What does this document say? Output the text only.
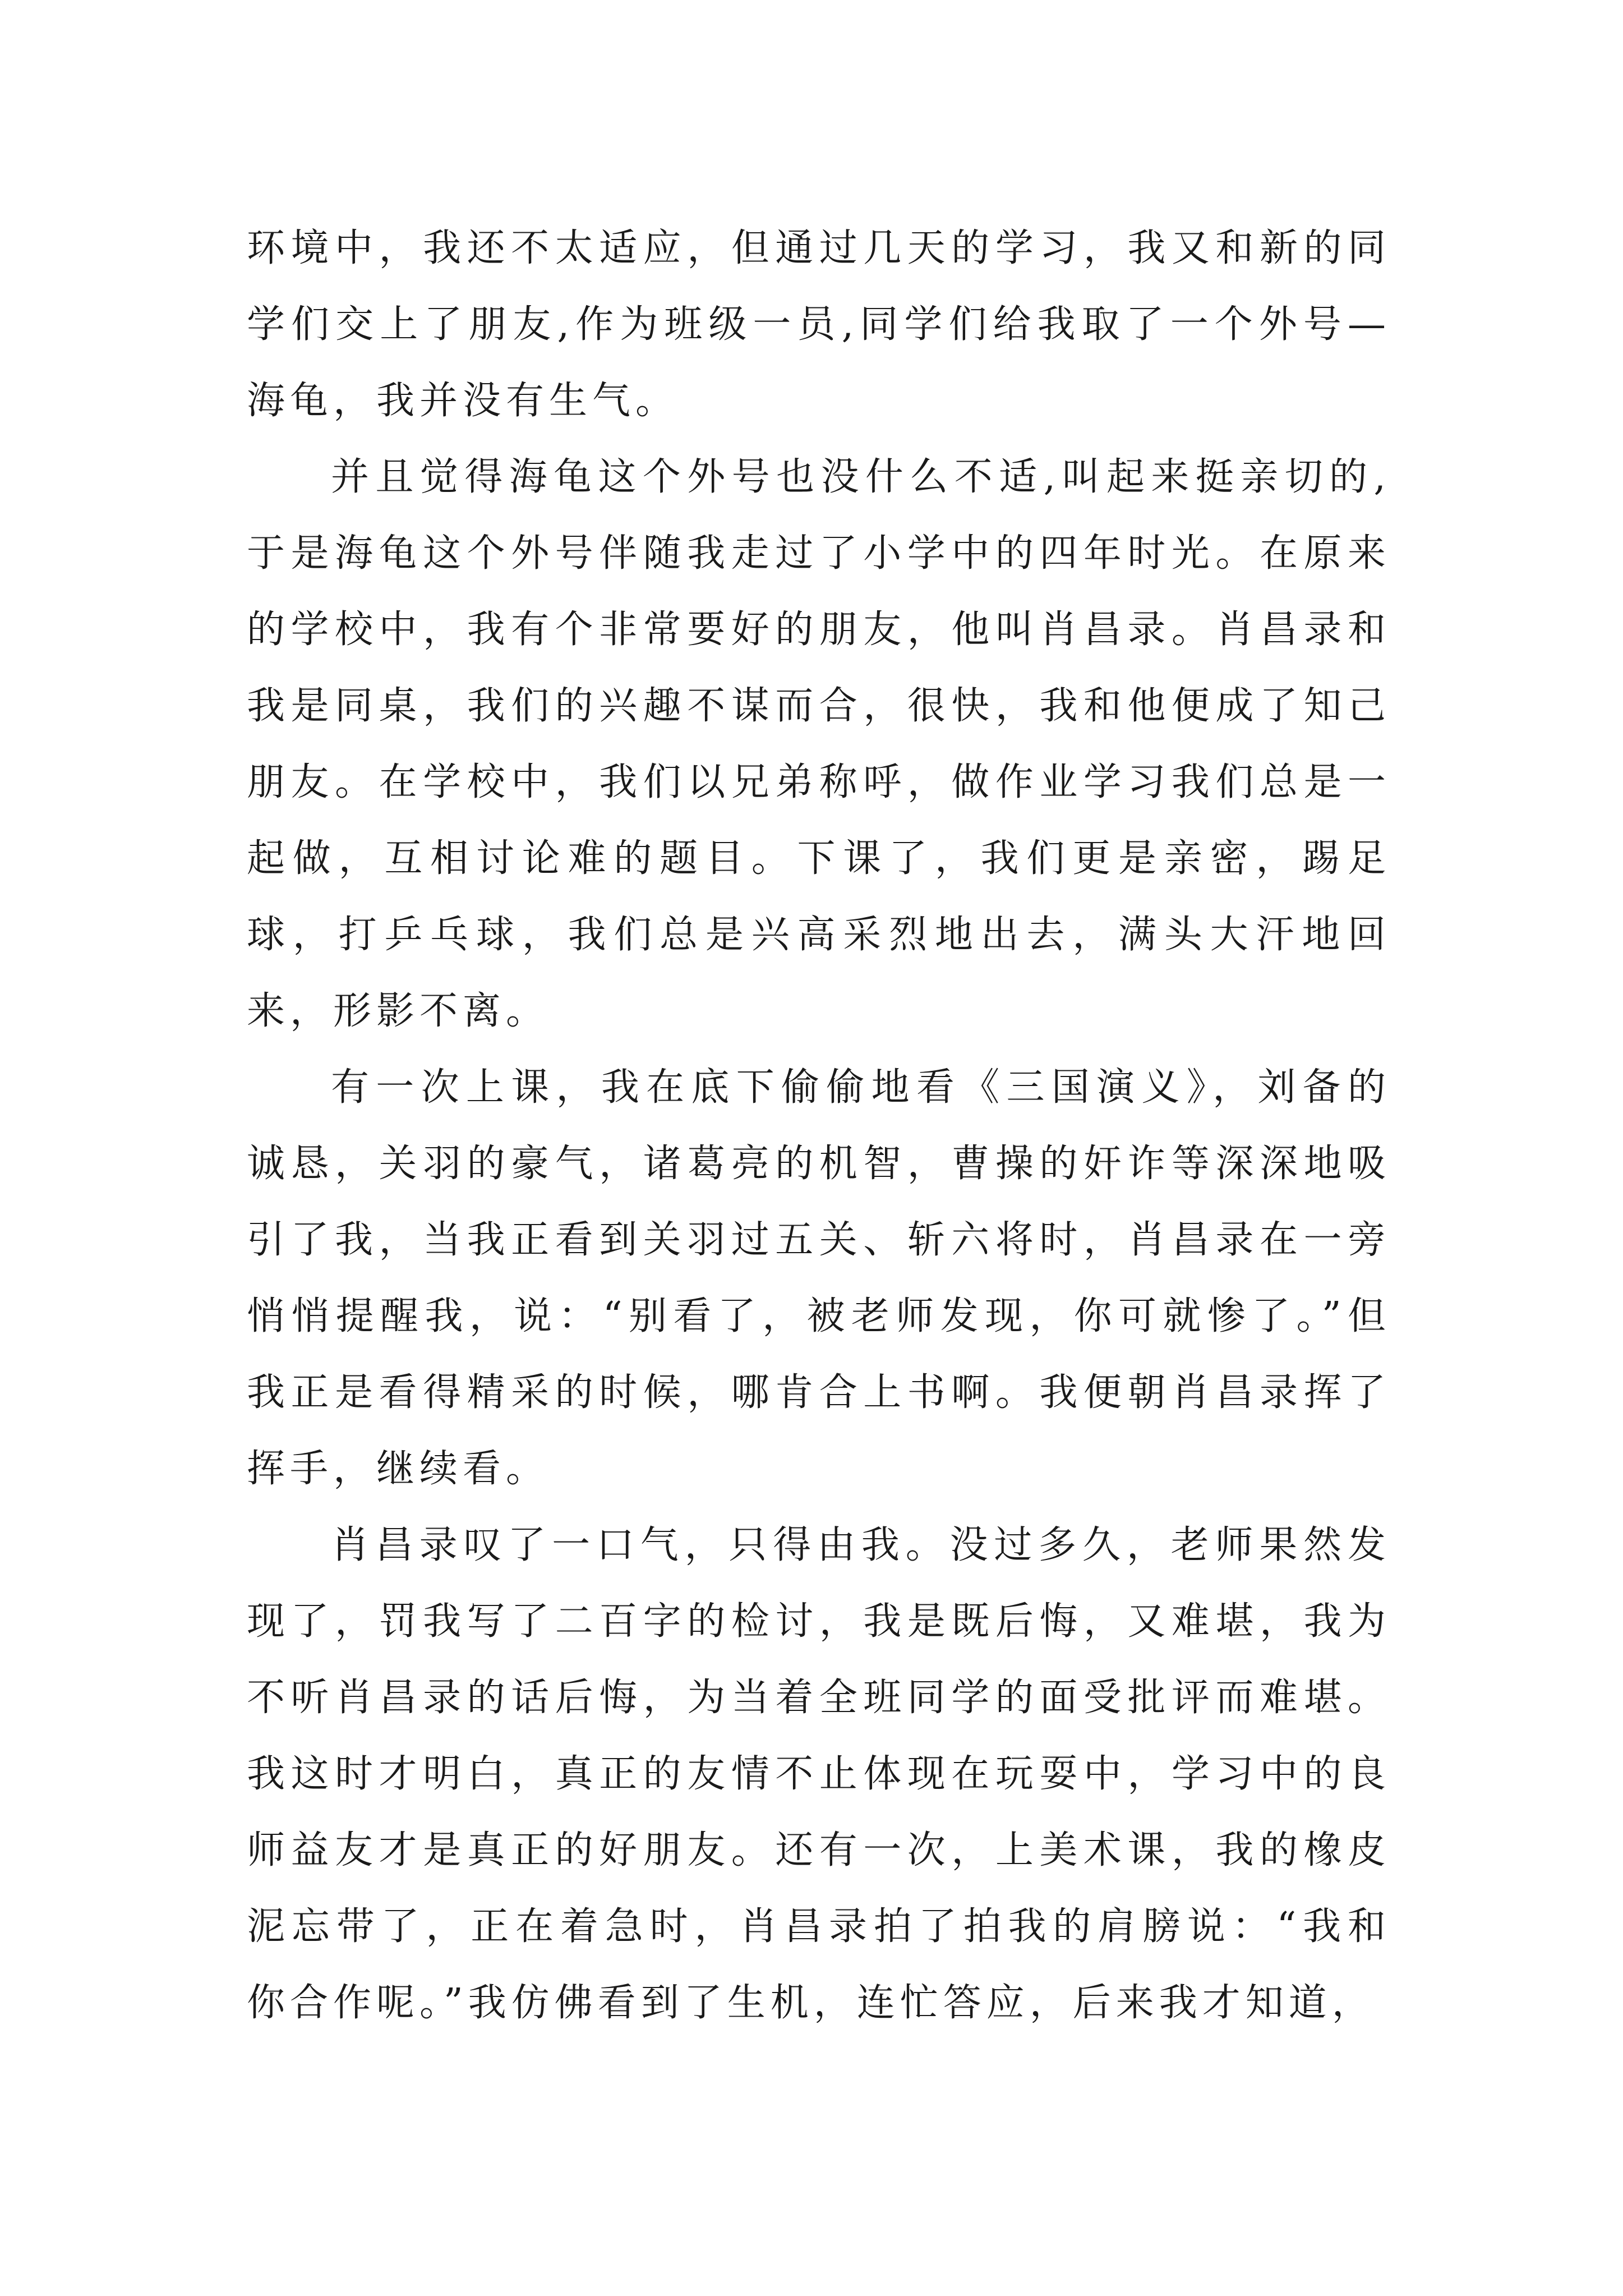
环境中，我还不太适应，但通过几天的学习，我又和新的同学们交上了朋友,作为班级一员,同学们给我取了一个外号—海龟，我并没有生气。

并且觉得海龟这个外号也没什么不适,叫起来挺亲切的,于是海龟这个外号伴随我走过了小学中的四年时光。在原来的学校中，我有个非常要好的朋友，他叫肖昌录。肖昌录和我是同桌，我们的兴趣不谋而合，很快，我和他便成了知己朋友。在学校中，我们以兄弟称呼，做作业学习我们总是一起做，互相讨论难的题目。下课了，我们更是亲密，踢足球，打乒乓球，我们总是兴高采烈地出去，满头大汗地回来，形影不离。

有一次上课，我在底下偷偷地看《三国演义》，刘备的诚恳，关羽的豪气，诸葛亮的机智，曹操的奸诈等深深地吸引了我，当我正看到关羽过五关、斩六将时，肖昌录在一旁悄悄提醒我，说：“别看了，被老师发现，你可就惨了。”但我正是看得精采的时候，哪肯合上书啊。我便朝肖昌录挥了挥手，继续看。

肖昌录叹了一口气，只得由我。没过多久，老师果然发现了，罚我写了二百字的检讨，我是既后悔，又难堪，我为不听肖昌录的话后悔，为当着全班同学的面受批评而难堪。我这时才明白，真正的友情不止体现在玩耍中，学习中的良师益友才是真正的好朋友。还有一次，上美术课，我的橡皮泥忘带了，正在着急时，肖昌录拍了拍我的肩膀说：“我和你合作呢。”我仿佛看到了生机，连忙答应，后来我才知道，
